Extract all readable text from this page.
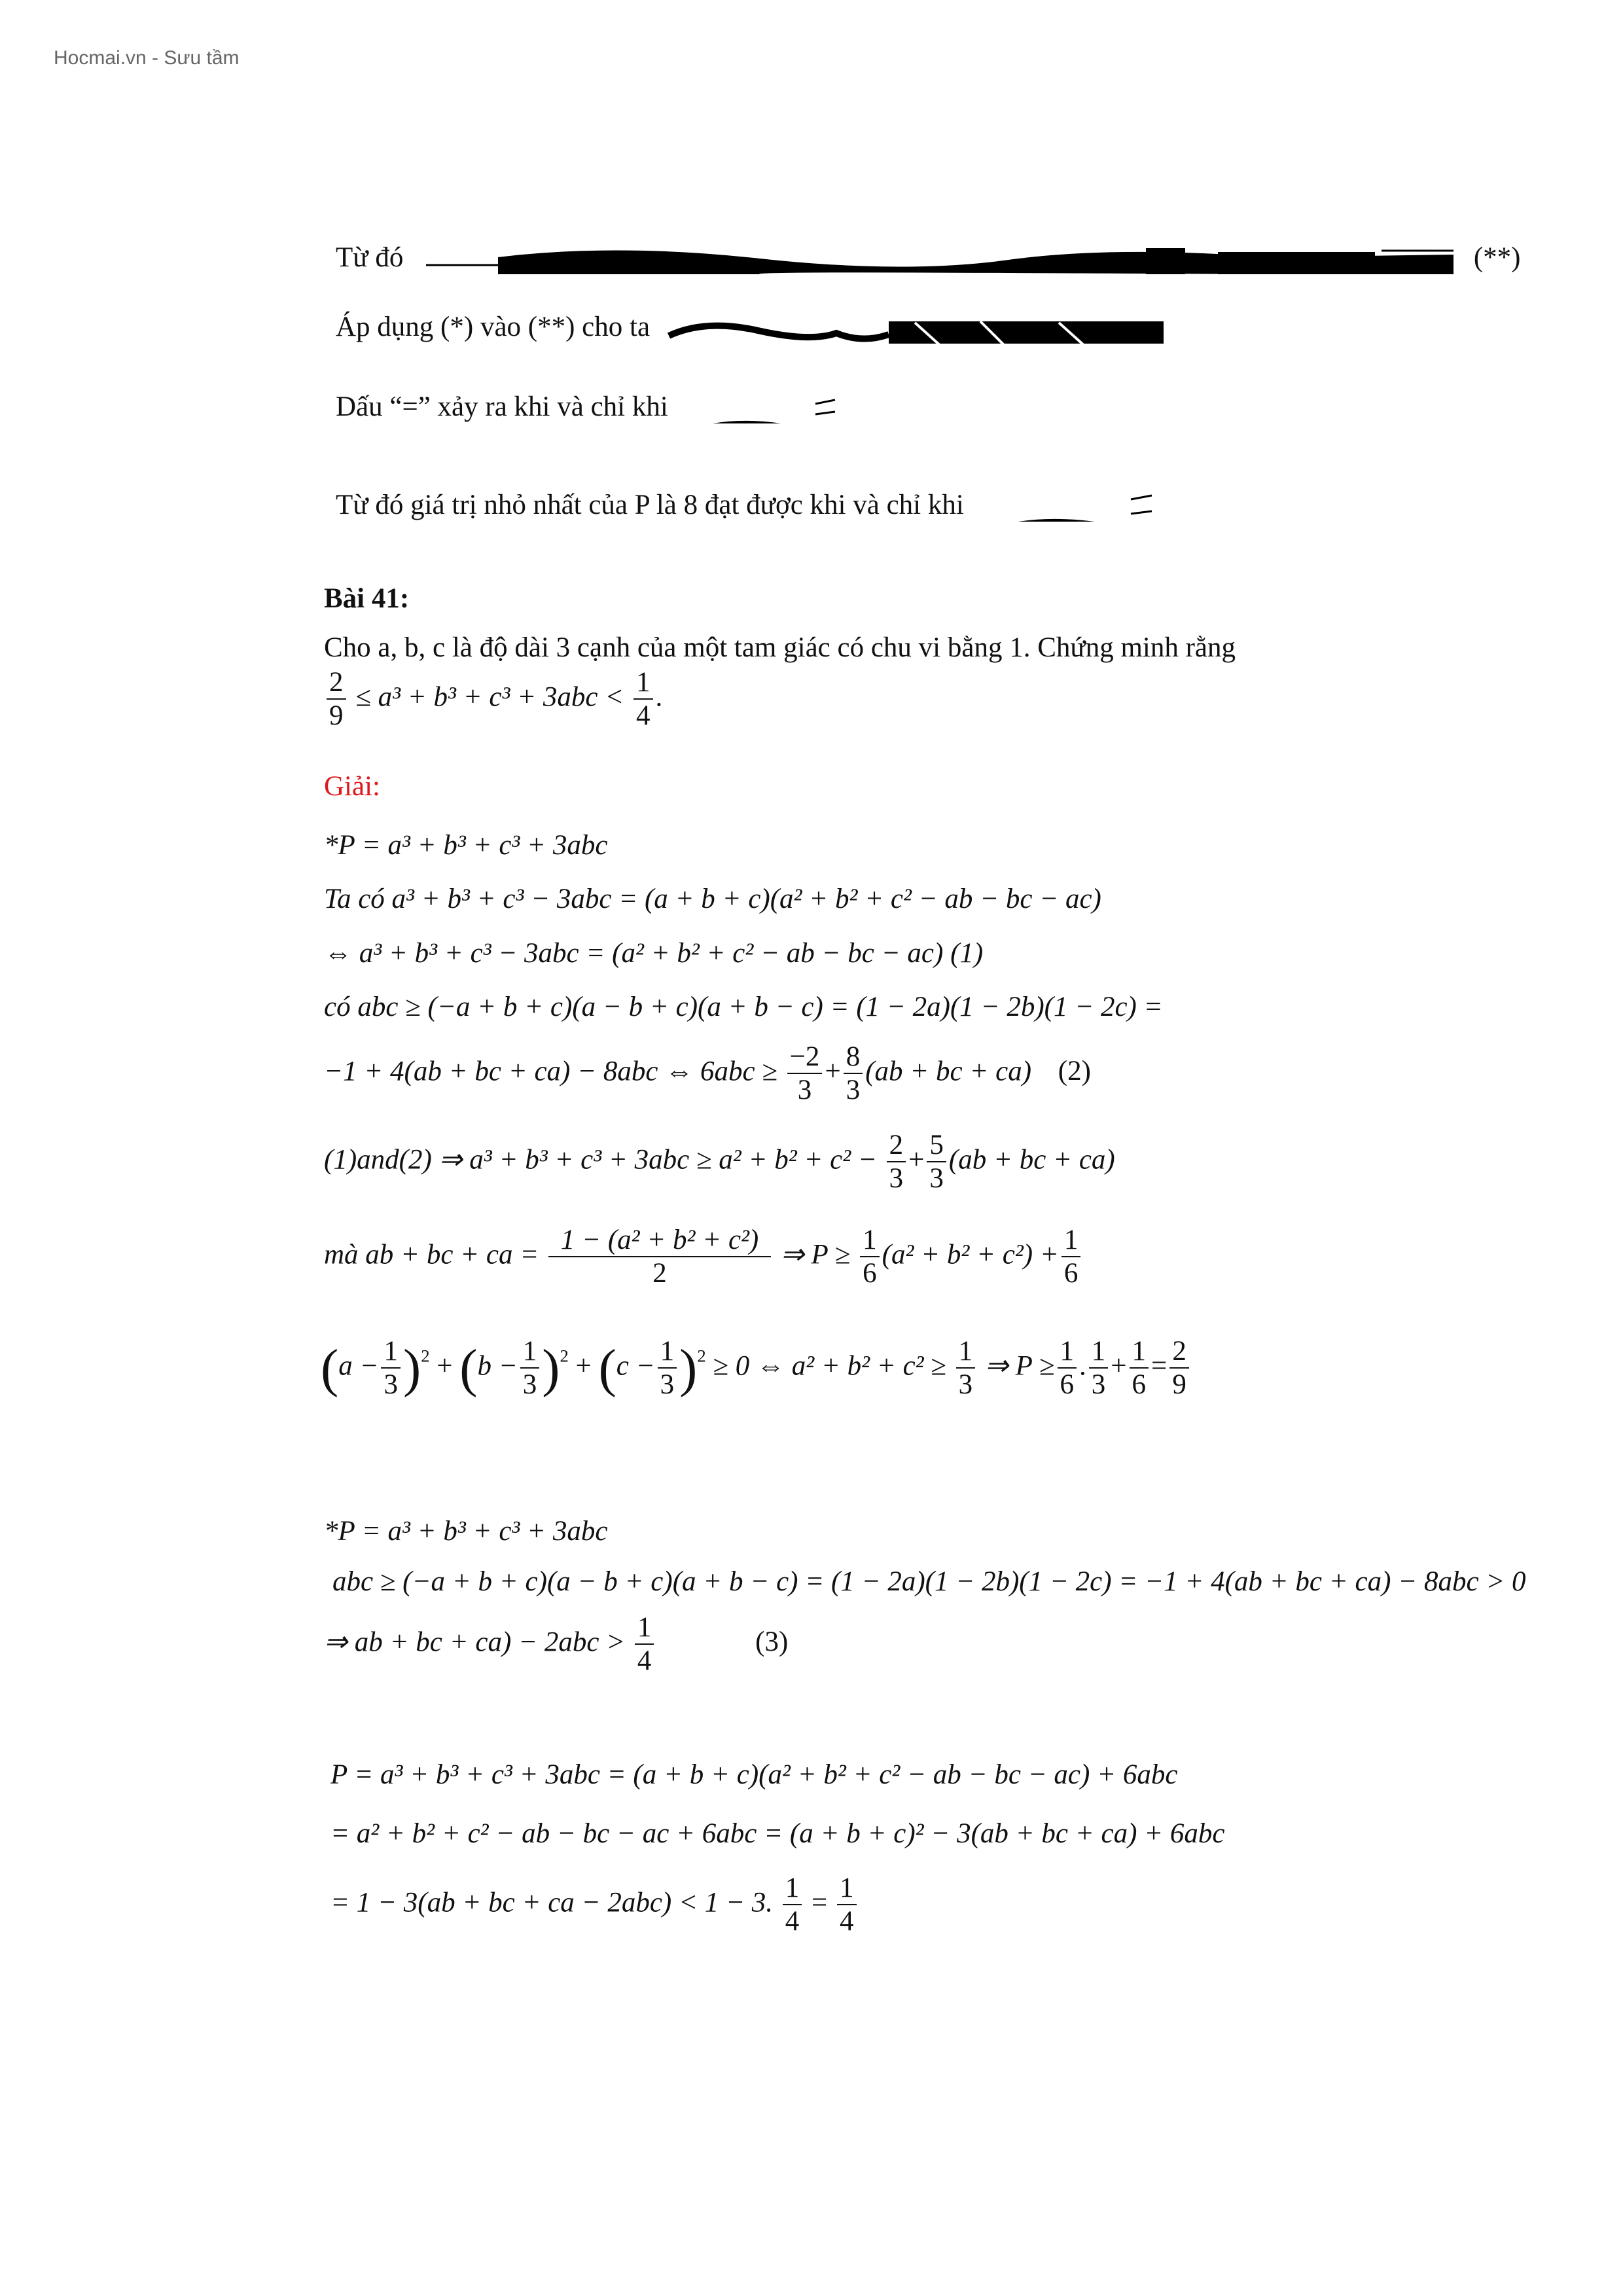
Hocmai.vn - Sưu tầm
Từ đó	(**)
Áp dụng (*) vào (**) cho ta
Dấu “=” xảy ra khi và chỉ khi
Từ đó giá trị nhỏ nhất của P là 8 đạt được khi và chỉ khi
Bài 41:
Cho a, b, c là độ dài 3 cạnh của một tam giác có chu vi bằng 1. Chứng minh rằng
$\frac{2}{9} \le a^3 + b^3 + c^3 + 3abc < \frac{1}{4}$ .
Giải:
*P = a³ + b³ + c³ + 3abc
Ta có a³ + b³ + c³ − 3abc = (a + b + c)(a² + b² + c² − ab − bc − ac)
⇔ a³ + b³ + c³ − 3abc = (a² + b² + c² − ab − bc − ac) (1)
có abc ≥ (−a + b + c)(a − b + c)(a + b − c) = (1 − 2a)(1 − 2b)(1 − 2c) =
−1 + 4(ab + bc + ca) − 8abc ⇔ $6abc \ge \frac{-2}{3} + \frac{8}{3} (ab$ + bc + ca) (2)
(1)and(2) ⇒ $a^3 + b^3 + c^3 + 3abc \ge a^2 + b^2 + c^2 - \frac{2}{3} + \frac{5}{3} (ab$ + bc + ca)
mà ab + bc + ca = $\frac{\text{1 − (a² + b² + c²)}}{2}$ ⇒ $P \ge \frac{1}{6} (a^2 + b^2 + c^2) + \frac{1}{6}$
$(a - \frac{1}{3} )^2 + (b - \frac{1}{3} )^2 + (c - \frac{1}{3} )^2 \ge 0$ ⇔ $a^2 + b^2 + c^2 \ge \frac{1}{3}$ ⇒ $P \ge \frac{1}{6}$ . $\frac{1}{3} + \frac{1}{6} = \frac{2}{9}$
*P = a³ + b³ + c³ + 3abc
abc ≥ (−a + b + c)(a − b + c)(a + b − c) = (1 − 2a)(1 − 2b)(1 − 2c) = −1 + 4(ab + bc + ca) − 8abc > 0
⇒ ab + bc + $ca) - 2abc > \frac{1}{4}$	(3)
P = a³ + b³ + c³ + 3abc = (a + b + c)(a² + b² + c² − ab − bc − ac) + 6abc
= a² + b² + c² − ab − bc − ac + 6abc = (a + b + c)² − 3(ab + bc + ca) + 6abc
= 1 − 3(ab + bc + ca − 2abc) < 1 − 3. $\frac{1}{4} = \frac{1}{4}$
